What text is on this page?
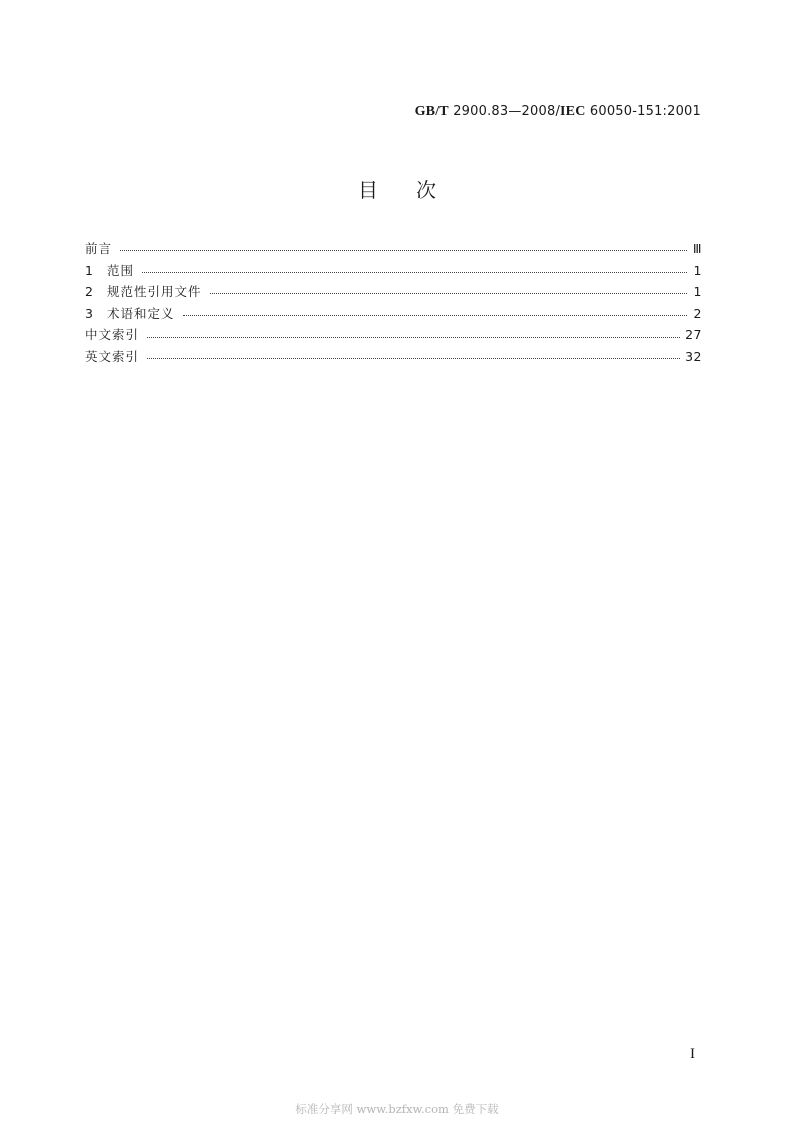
GB/T 2900.83—2008/IEC 60050-151:2001
目次
前言	Ⅲ
1	范围	1
2	规范性引用文件	1
3	术语和定义	2
中文索引	27
英文索引	32
I
标准分享网 www.bzfxw.com 免费下载
